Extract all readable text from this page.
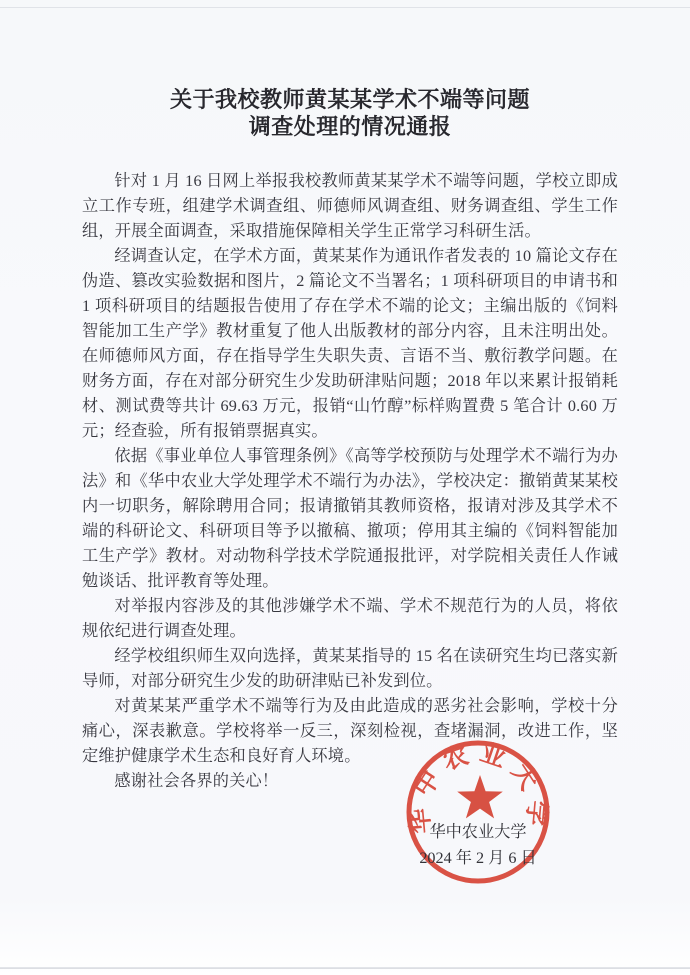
关于我校教师黄某某学术不端等问题
调查处理的情况通报

针对 1 月 16 日网上举报我校教师黄某某学术不端等问题，学校立即成立工作专班，组建学术调查组、师德师风调查组、财务调查组、学生工作组，开展全面调查，采取措施保障相关学生正常学习科研生活。

经调查认定，在学术方面，黄某某作为通讯作者发表的 10 篇论文存在伪造、篡改实验数据和图片，2 篇论文不当署名；1 项科研项目的申请书和 1 项科研项目的结题报告使用了存在学术不端的论文；主编出版的《饲料智能加工生产学》教材重复了他人出版教材的部分内容，且未注明出处。在师德师风方面，存在指导学生失职失责、言语不当、敷衍教学问题。在财务方面，存在对部分研究生少发助研津贴问题；2018 年以来累计报销耗材、测试费等共计 69.63 万元，报销“山竹醇”标样购置费 5 笔合计 0.60 万元；经查验，所有报销票据真实。

依据《事业单位人事管理条例》《高等学校预防与处理学术不端行为办法》和《华中农业大学处理学术不端行为办法》，学校决定：撤销黄某某校内一切职务，解除聘用合同；报请撤销其教师资格，报请对涉及其学术不端的科研论文、科研项目等予以撤稿、撤项；停用其主编的《饲料智能加工生产学》教材。对动物科学技术学院通报批评，对学院相关责任人作诫勉谈话、批评教育等处理。

对举报内容涉及的其他涉嫌学术不端、学术不规范行为的人员，将依规依纪进行调查处理。

经学校组织师生双向选择，黄某某指导的 15 名在读研究生均已落实新导师，对部分研究生少发的助研津贴已补发到位。

对黄某某严重学术不端等行为及由此造成的恶劣社会影响，学校十分痛心，深表歉意。学校将举一反三，深刻检视，查堵漏洞，改进工作，坚定维护健康学术生态和良好育人环境。

感谢社会各界的关心！

华中农业大学
华中农业大学
2024 年 2 月 6 日
